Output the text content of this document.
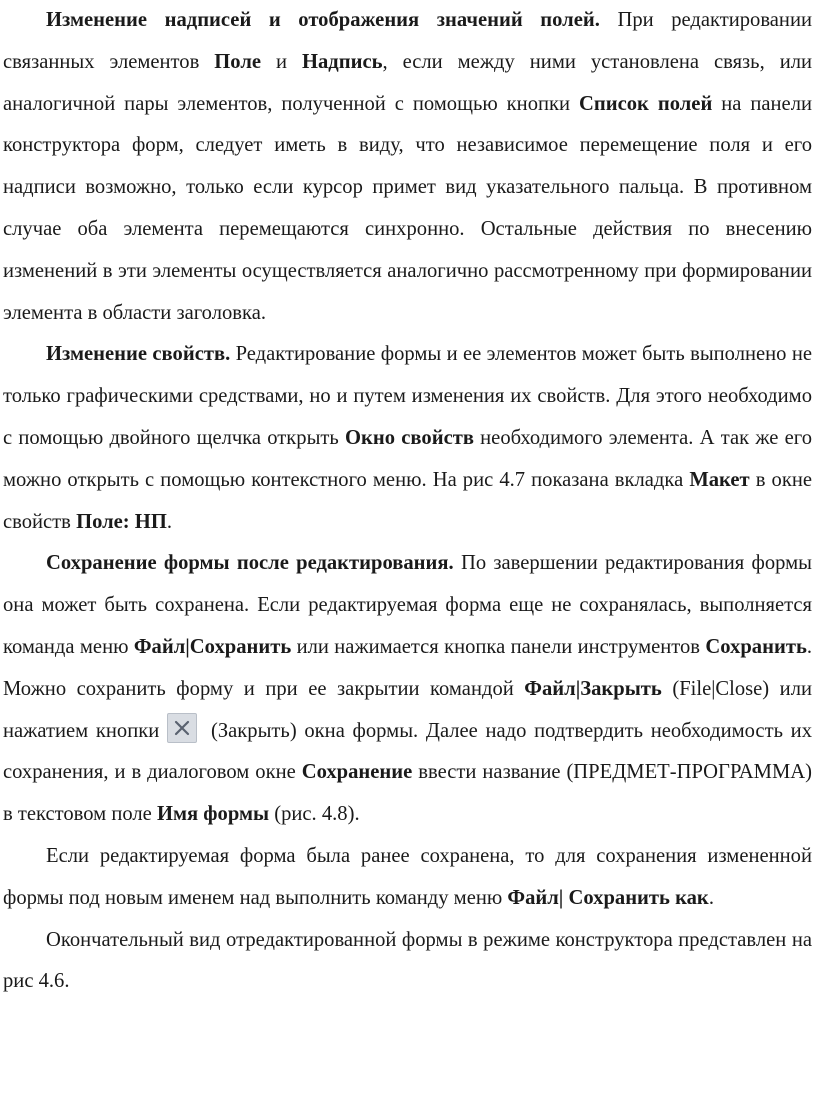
Изменение надписей и отображения значений полей. При редактировании связанных элементов Поле и Надпись, если между ними установлена связь, или аналогичной пары элементов, полученной с помощью кнопки Список полей на панели конструктора форм, следует иметь в виду, что независимое перемещение поля и его надписи возможно, только если курсор примет вид указательного пальца. В противном случае оба элемента перемещаются синхронно. Остальные действия по внесению изменений в эти элементы осуществляется аналогично рассмотренному при формировании элемента в области заголовка.

Изменение свойств. Редактирование формы и ее элементов может быть выполнено не только графическими средствами, но и путем изменения их свойств. Для этого необходимо с помощью двойного щелчка открыть Окно свойств необходимого элемента. А так же его можно открыть с помощью контекстного меню. На рис 4.7 показана вкладка Макет в окне свойств Поле: НП.

Сохранение формы после редактирования. По завершении редактирования формы она может быть сохранена. Если редактируемая форма еще не сохранялась, выполняется команда меню Файл|Сохранить или нажимается кнопка панели инструментов Сохранить. Можно сохранить форму и при ее закрытии командой Файл|Закрыть (File|Close) или нажатием кнопки
(Закрыть) окна формы. Далее надо подтвердить необходимость их сохранения, и в диалоговом окне Сохранение ввести название (ПРЕДМЕТ-ПРОГРАММА) в текстовом поле Имя формы (рис. 4.8).

Если редактируемая форма была ранее сохранена, то для сохранения измененной формы под новым именем над выполнить команду меню Файл| Сохранить как.

Окончательный вид отредактированной формы в режиме конструктора представлен на рис 4.6.
